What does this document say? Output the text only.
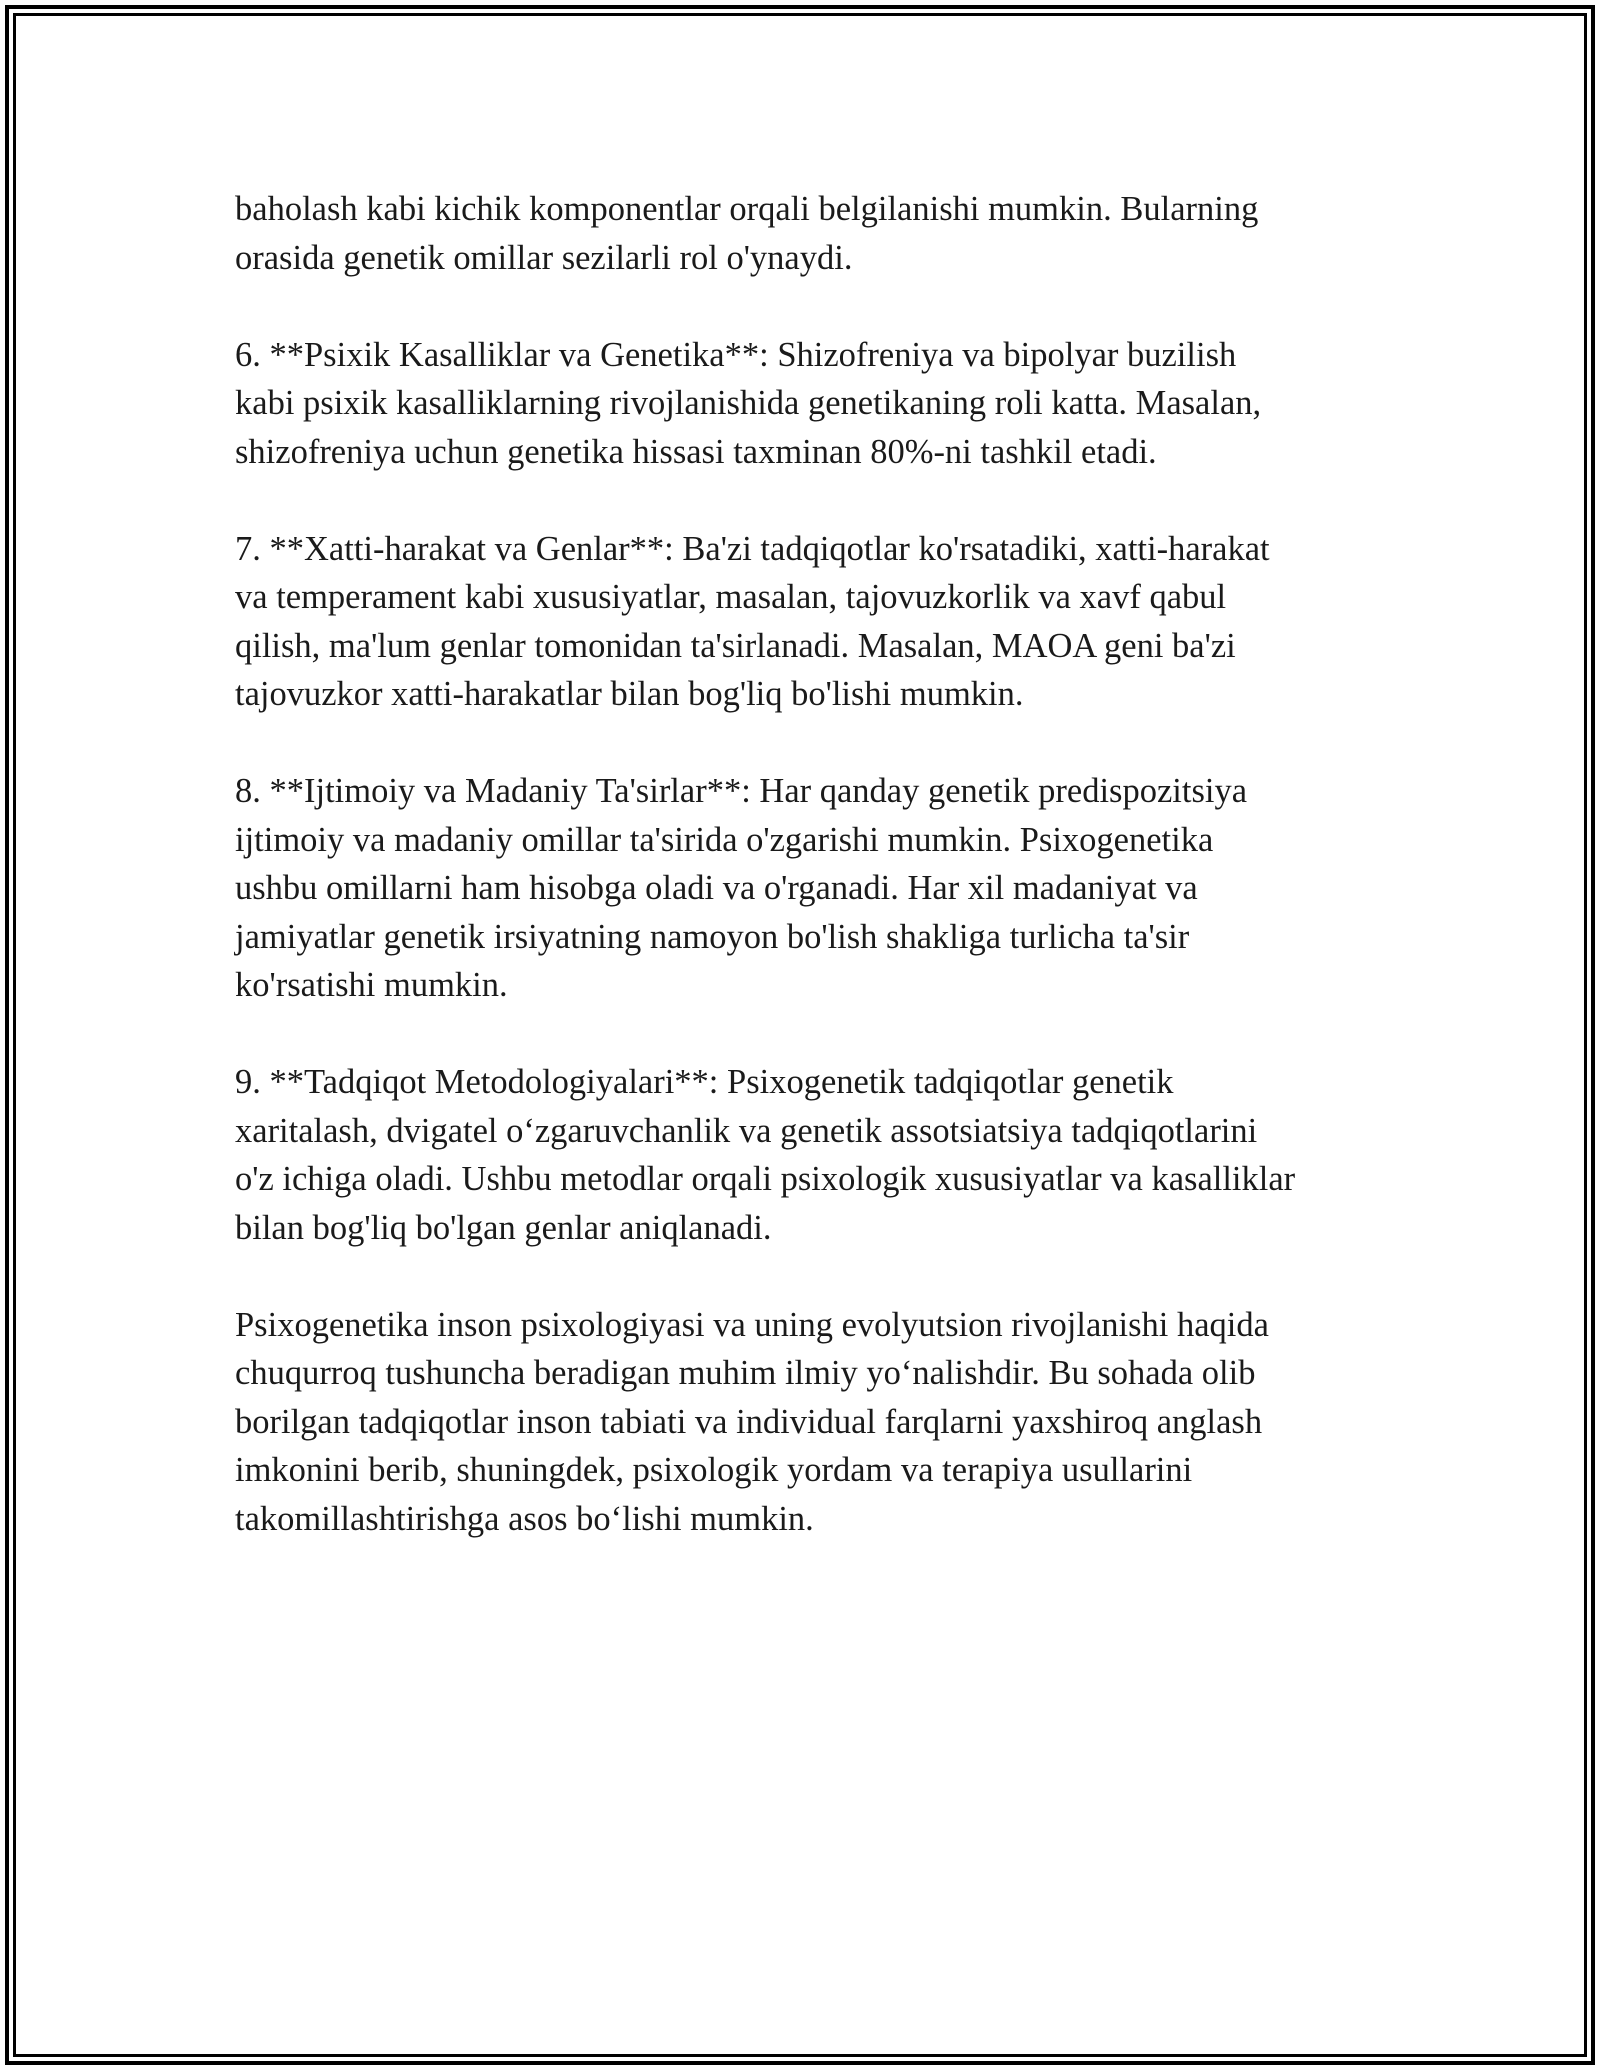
baholash kabi kichik komponentlar orqali belgilanishi mumkin. Bularning
orasida genetik omillar sezilarli rol o'ynaydi.

6. **Psixik Kasalliklar va Genetika**: Shizofreniya va bipolyar buzilish
kabi psixik kasalliklarning rivojlanishida genetikaning roli katta. Masalan,
shizofreniya uchun genetika hissasi taxminan 80%-ni tashkil etadi.

7. **Xatti-harakat va Genlar**: Ba'zi tadqiqotlar ko'rsatadiki, xatti-harakat
va temperament kabi xususiyatlar, masalan, tajovuzkorlik va xavf qabul
qilish, ma'lum genlar tomonidan ta'sirlanadi. Masalan, MAOA geni ba'zi
tajovuzkor xatti-harakatlar bilan bog'liq bo'lishi mumkin.

8. **Ijtimoiy va Madaniy Ta'sirlar**: Har qanday genetik predispozitsiya
ijtimoiy va madaniy omillar ta'sirida o'zgarishi mumkin. Psixogenetika
ushbu omillarni ham hisobga oladi va o'rganadi. Har xil madaniyat va
jamiyatlar genetik irsiyatning namoyon bo'lish shakliga turlicha ta'sir
ko'rsatishi mumkin.

9. **Tadqiqot Metodologiyalari**: Psixogenetik tadqiqotlar genetik
xaritalash, dvigatel o‘zgaruvchanlik va genetik assotsiatsiya tadqiqotlarini
o'z ichiga oladi. Ushbu metodlar orqali psixologik xususiyatlar va kasalliklar
bilan bog'liq bo'lgan genlar aniqlanadi.

Psixogenetika inson psixologiyasi va uning evolyutsion rivojlanishi haqida
chuqurroq tushuncha beradigan muhim ilmiy yo‘nalishdir. Bu sohada olib
borilgan tadqiqotlar inson tabiati va individual farqlarni yaxshiroq anglash
imkonini berib, shuningdek, psixologik yordam va terapiya usullarini
takomillashtirishga asos bo‘lishi mumkin.
